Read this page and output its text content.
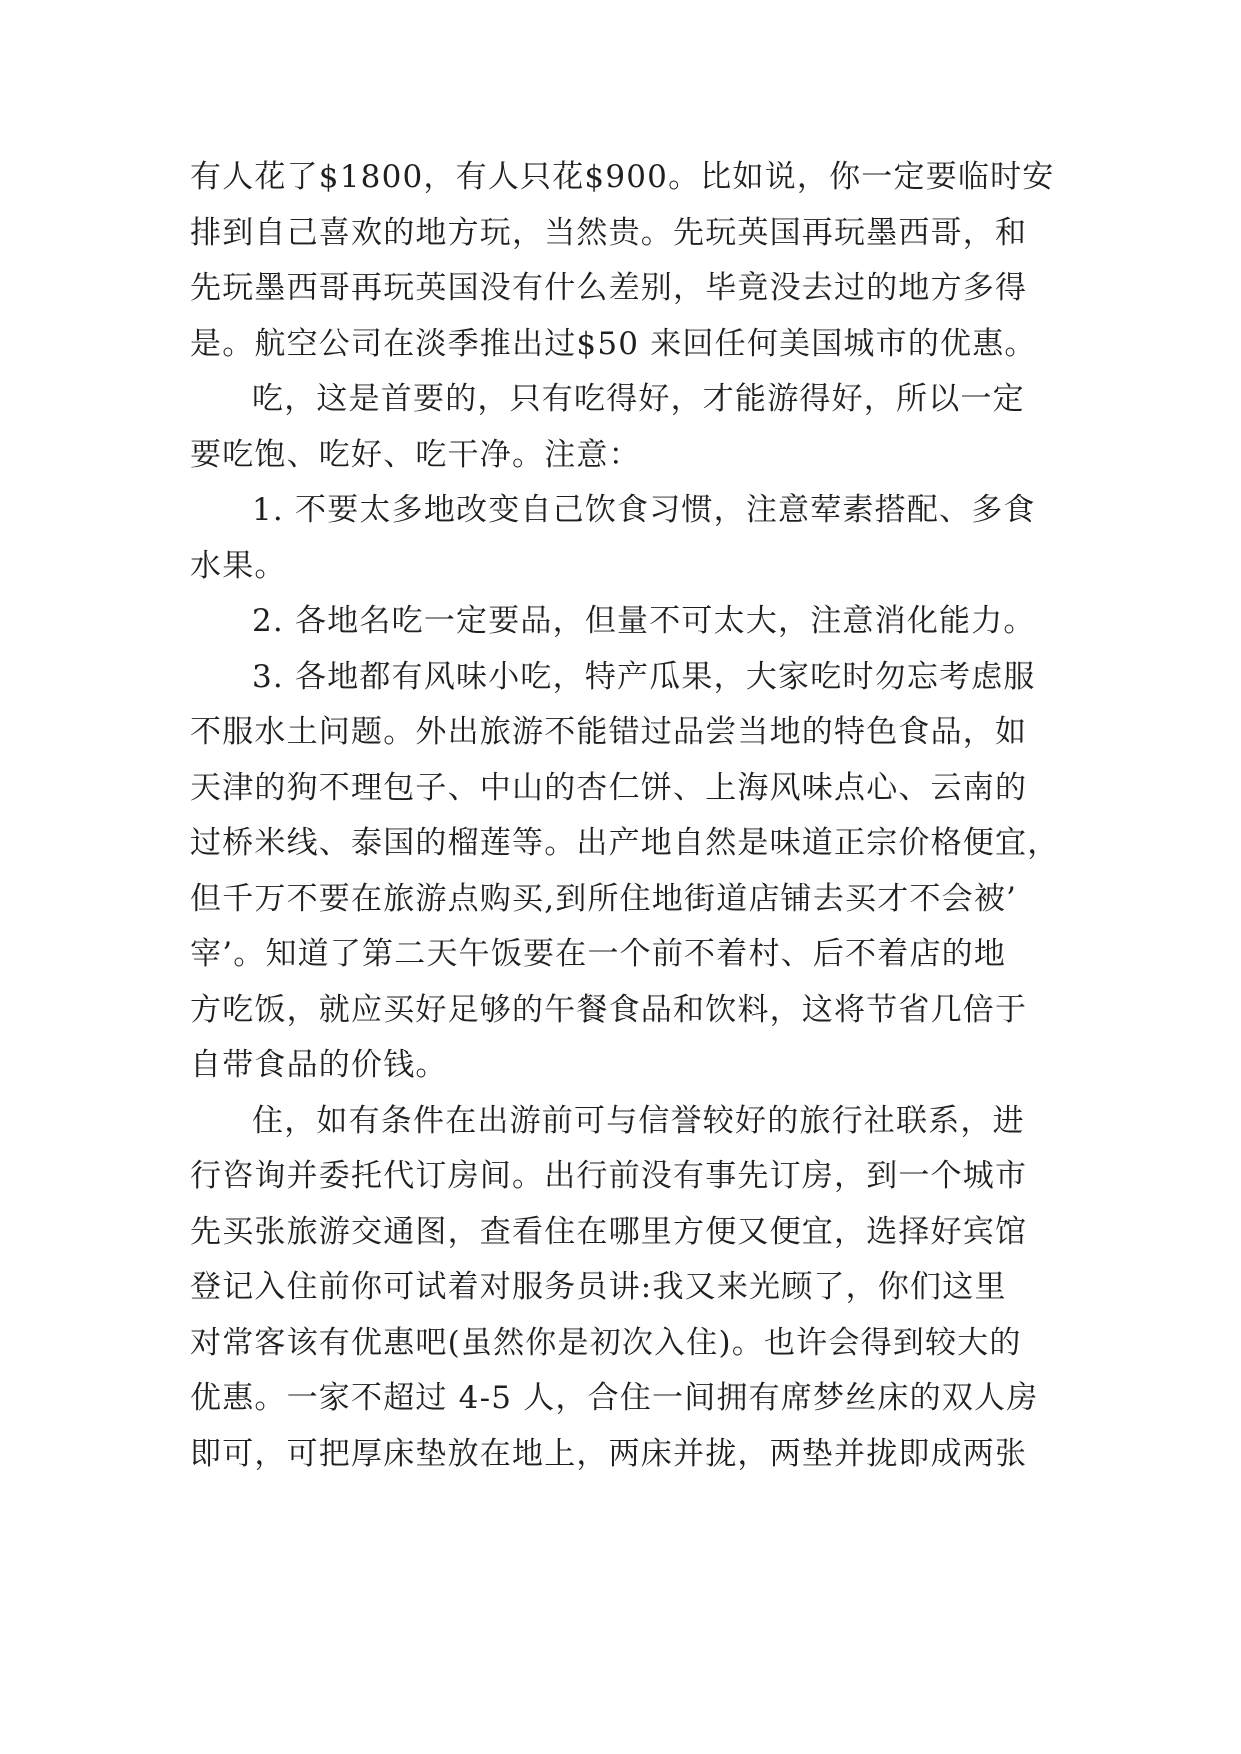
有人花了$1800，有人只花$900。比如说，你一定要临时安
排到自己喜欢的地方玩，当然贵。先玩英国再玩墨西哥，和
先玩墨西哥再玩英国没有什么差别，毕竟没去过的地方多得
是。航空公司在淡季推出过$50 来回任何美国城市的优惠。
吃，这是首要的，只有吃得好，才能游得好，所以一定
要吃饱、吃好、吃干净。注意：
1. 不要太多地改变自己饮食习惯，注意荤素搭配、多食
水果。
2. 各地名吃一定要品，但量不可太大，注意消化能力。
3. 各地都有风味小吃，特产瓜果，大家吃时勿忘考虑服
不服水土问题。外出旅游不能错过品尝当地的特色食品，如
天津的狗不理包子、中山的杏仁饼、上海风味点心、云南的
过桥米线、泰国的榴莲等。出产地自然是味道正宗价格便宜，
但千万不要在旅游点购买,到所住地街道店铺去买才不会被’
宰’。知道了第二天午饭要在一个前不着村、后不着店的地
方吃饭，就应买好足够的午餐食品和饮料，这将节省几倍于
自带食品的价钱。
住，如有条件在出游前可与信誉较好的旅行社联系，进
行咨询并委托代订房间。出行前没有事先订房，到一个城市
先买张旅游交通图，查看住在哪里方便又便宜，选择好宾馆
登记入住前你可试着对服务员讲:我又来光顾了，你们这里
对常客该有优惠吧(虽然你是初次入住)。也许会得到较大的
优惠。一家不超过 4-5 人，合住一间拥有席梦丝床的双人房
即可，可把厚床垫放在地上，两床并拢，两垫并拢即成两张
